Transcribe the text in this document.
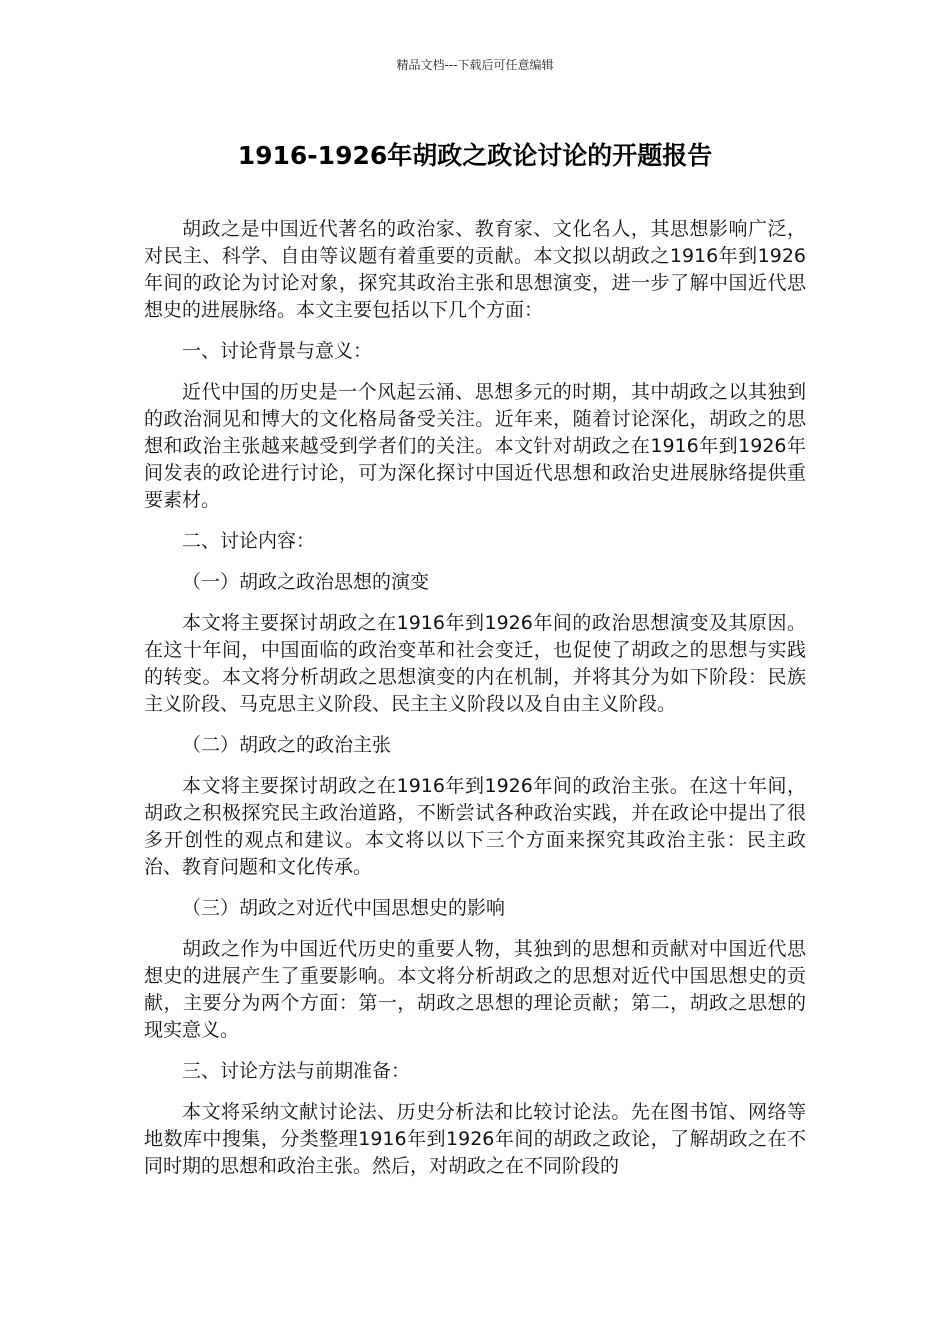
精品文档---下载后可任意编辑
1916-1926年胡政之政论讨论的开题报告

胡政之是中国近代著名的政治家、教育家、文化名人，其思想影响广泛，对民主、科学、自由等议题有着重要的贡献。本文拟以胡政之1916年到1926年间的政论为讨论对象，探究其政治主张和思想演变，进一步了解中国近代思想史的进展脉络。本文主要包括以下几个方面：

一、讨论背景与意义：

近代中国的历史是一个风起云涌、思想多元的时期，其中胡政之以其独到的政治洞见和博大的文化格局备受关注。近年来，随着讨论深化，胡政之的思想和政治主张越来越受到学者们的关注。本文针对胡政之在1916年到1926年间发表的政论进行讨论，可为深化探讨中国近代思想和政治史进展脉络提供重要素材。

二、讨论内容：

（一）胡政之政治思想的演变

本文将主要探讨胡政之在1916年到1926年间的政治思想演变及其原因。在这十年间，中国面临的政治变革和社会变迁，也促使了胡政之的思想与实践的转变。本文将分析胡政之思想演变的内在机制，并将其分为如下阶段：民族主义阶段、马克思主义阶段、民主主义阶段以及自由主义阶段。

（二）胡政之的政治主张

本文将主要探讨胡政之在1916年到1926年间的政治主张。在这十年间，胡政之积极探究民主政治道路，不断尝试各种政治实践，并在政论中提出了很多开创性的观点和建议。本文将以以下三个方面来探究其政治主张：民主政治、教育问题和文化传承。

（三）胡政之对近代中国思想史的影响

胡政之作为中国近代历史的重要人物，其独到的思想和贡献对中国近代思想史的进展产生了重要影响。本文将分析胡政之的思想对近代中国思想史的贡献，主要分为两个方面：第一，胡政之思想的理论贡献；第二，胡政之思想的现实意义。

三、讨论方法与前期准备：

本文将采纳文献讨论法、历史分析法和比较讨论法。先在图书馆、网络等地数库中搜集，分类整理1916年到1926年间的胡政之政论，了解胡政之在不同时期的思想和政治主张。然后，对胡政之在不同阶段的
